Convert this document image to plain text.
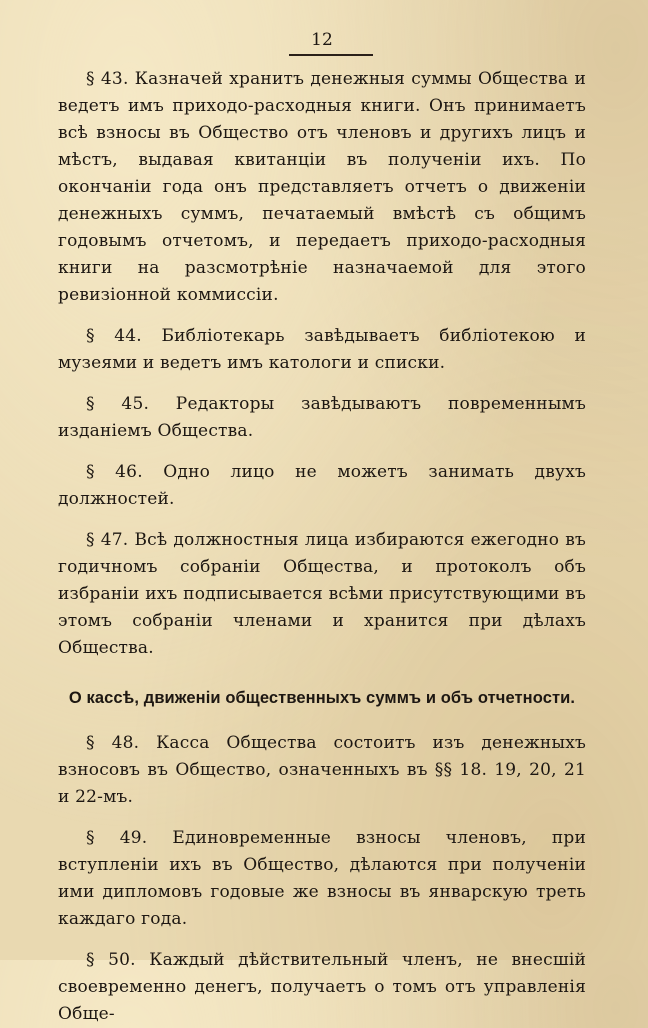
12

§ 43. Казначей хранитъ денежныя суммы Общества и ведетъ имъ приходо-расходныя книги. Онъ принимаетъ всѣ взносы въ Общество отъ членовъ и другихъ лицъ и мѣстъ, выдавая квитанціи въ полученіи ихъ. По окончаніи года онъ представляетъ отчетъ о движеніи денежныхъ суммъ, печатаемый вмѣстѣ съ общимъ годовымъ отчетомъ, и передаетъ приходо-расходныя книги на разсмотрѣніе назначаемой для этого ревизіонной коммиссіи.

§ 44. Библіотекарь завѣдываетъ библіотекою и музеями и ведетъ имъ катологи и списки.

§ 45. Редакторы завѣдываютъ повременнымъ изданіемъ Общества.

§ 46. Одно лицо не можетъ занимать двухъ должностей.

§ 47. Всѣ должностныя лица избираются ежегодно въ годичномъ собраніи Общества, и протоколъ объ избраніи ихъ подписывается всѣми присутствующими въ этомъ собраніи членами и хранится при дѣлахъ Общества.

О кассѣ, движеніи общественныхъ суммъ и объ отчетности.

§ 48. Касса Общества состоитъ изъ денежныхъ взносовъ въ Общество, означенныхъ въ §§ 18. 19, 20, 21 и 22-мъ.

§ 49. Единовременные взносы членовъ, при вступленіи ихъ въ Общество, дѣлаются при полученіи ими дипломовъ годовые же взносы въ январскую треть каждаго года.

§ 50. Каждый дѣйствительный членъ, не внесшій своевременно денегъ, получаетъ о томъ отъ управленія Обще-
